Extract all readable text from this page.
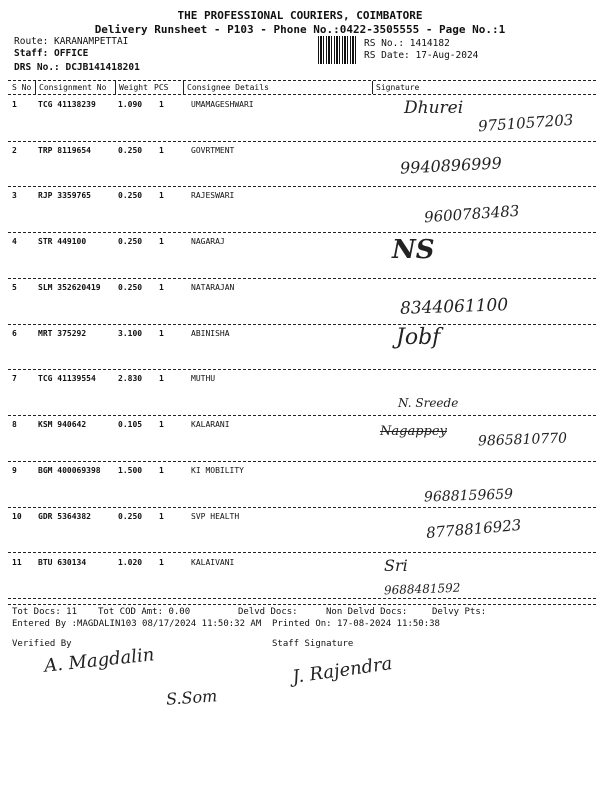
THE PROFESSIONAL COURIERS, COIMBATORE
Delivery Runsheet - P103 - Phone No.:0422-3505555 - Page No.:1
Route: KARANAMPETTAI
Staff: OFFICE
DRS No.: DCJB141418201
RS No.: 1414182
RS Date: 17-Aug-2024
S No Consignment No Weight PCS Consignee Details	Signature
1	TCG 41138239	1.090 1	UMAMAGESHWARI	Dhurei
9751057203
2	TRP 8119654	0.250 1	GOVRTMENT
9940896999
3	RJP 3359765	0.250 1	RAJESWARI
9600783483
4	STR 449100	0.250 1	NAGARAJ	NS
5	SLM 352620419 0.250 1	NATARAJAN
8344061100
6	MRT 375292	3.100 1	ABINISHA	Jobf
7	TCG 41139554	2.830 1	MUTHU
N. Sreede
8	KSM 940642	0.105 1	KALARANI	Nagappey 9865810770
9	BGM 400069398 1.500 1	KI MOBILITY
9688159659
10 GDR 5364382	0.250 1	SVP HEALTH	8778816923
11 BTU 630134	1.020 1	KALAIVANI	Sri
9688481592
Tot Docs: 11 Tot COD Amt: 0.00	Delvd Docs:	Non Delvd Docs:	Delvy Pts:
Entered By :MAGDALIN103 08/17/2024 11:50:32 AM Printed On: 17-08-2024 11:50:38
Verified By	Staff Signature
A. Magdalin	J. Rajendra
S.Som
